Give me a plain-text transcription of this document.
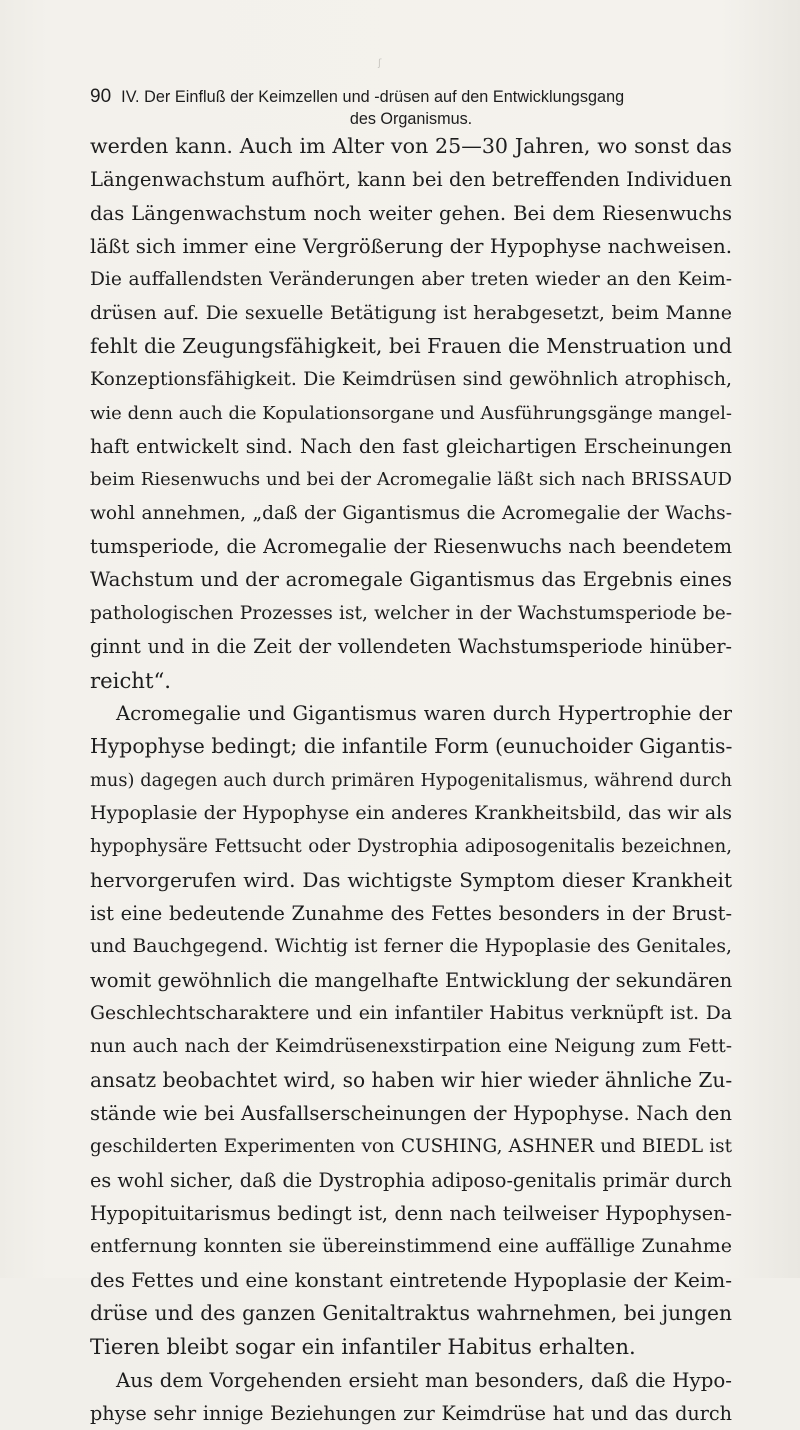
ʃ
90 IV. Der Einfluß der Keimzellen und -drüsen auf den Entwicklungsgang
des Organismus.
werden kann. Auch im Alter von 25—30 Jahren, wo sonst das
Längenwachstum aufhört, kann bei den betreffenden Individuen
das Längenwachstum noch weiter gehen. Bei dem Riesenwuchs
läßt sich immer eine Vergrößerung der Hypophyse nachweisen.
Die auffallendsten Veränderungen aber treten wieder an den Keim-
drüsen auf. Die sexuelle Betätigung ist herabgesetzt, beim Manne
fehlt die Zeugungsfähigkeit, bei Frauen die Menstruation und
Konzeptionsfähigkeit. Die Keimdrüsen sind gewöhnlich atrophisch,
wie denn auch die Kopulationsorgane und Ausführungsgänge mangel-
haft entwickelt sind. Nach den fast gleichartigen Erscheinungen
beim Riesenwuchs und bei der Acromegalie läßt sich nach BRISSAUD
wohl annehmen, „daß der Gigantismus die Acromegalie der Wachs-
tumsperiode, die Acromegalie der Riesenwuchs nach beendetem
Wachstum und der acromegale Gigantismus das Ergebnis eines
pathologischen Prozesses ist, welcher in der Wachstumsperiode be-
ginnt und in die Zeit der vollendeten Wachstumsperiode hinüber-
reicht“.
Acromegalie und Gigantismus waren durch Hypertrophie der
Hypophyse bedingt; die infantile Form (eunuchoider Gigantis-
mus) dagegen auch durch primären Hypogenitalismus, während durch
Hypoplasie der Hypophyse ein anderes Krankheitsbild, das wir als
hypophysäre Fettsucht oder Dystrophia adiposogenitalis bezeichnen,
hervorgerufen wird. Das wichtigste Symptom dieser Krankheit
ist eine bedeutende Zunahme des Fettes besonders in der Brust-
und Bauchgegend. Wichtig ist ferner die Hypoplasie des Genitales,
womit gewöhnlich die mangelhafte Entwicklung der sekundären
Geschlechtscharaktere und ein infantiler Habitus verknüpft ist. Da
nun auch nach der Keimdrüsenexstirpation eine Neigung zum Fett-
ansatz beobachtet wird, so haben wir hier wieder ähnliche Zu-
stände wie bei Ausfallserscheinungen der Hypophyse. Nach den
geschilderten Experimenten von CUSHING, ASHNER und BIEDL ist
es wohl sicher, daß die Dystrophia adiposo-genitalis primär durch
Hypopituitarismus bedingt ist, denn nach teilweiser Hypophysen-
entfernung konnten sie übereinstimmend eine auffällige Zunahme
des Fettes und eine konstant eintretende Hypoplasie der Keim-
drüse und des ganzen Genitaltraktus wahrnehmen, bei jungen
Tieren bleibt sogar ein infantiler Habitus erhalten.
Aus dem Vorgehenden ersieht man besonders, daß die Hypo-
physe sehr innige Beziehungen zur Keimdrüse hat und das durch
